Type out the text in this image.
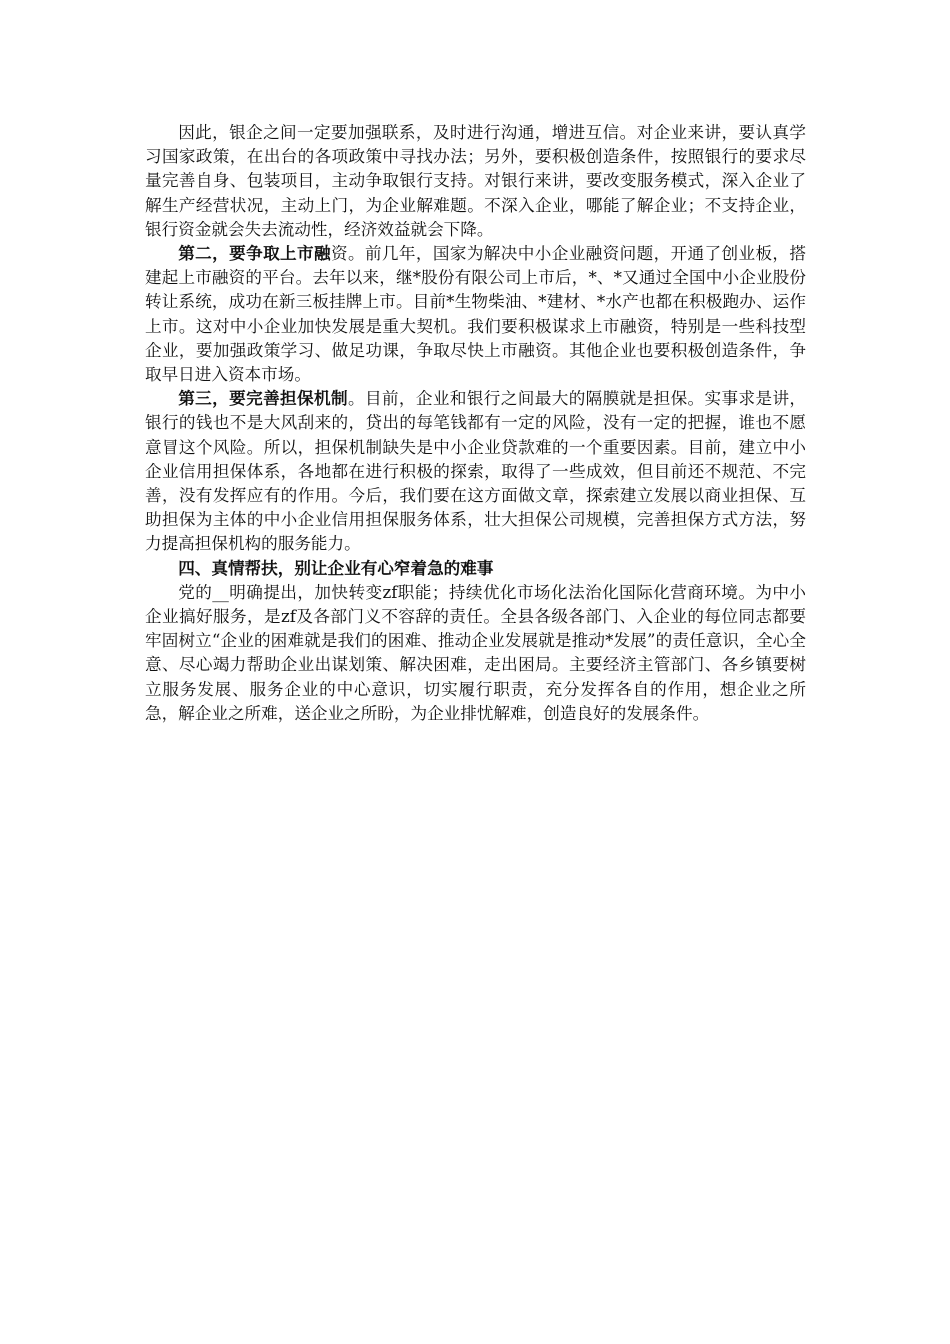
因此，银企之间一定要加强联系，及时进行沟通，增进互信。对企业来讲，要认真学习国家政策，在出台的各项政策中寻找办法；另外，要积极创造条件，按照银行的要求尽量完善自身、包装项目，主动争取银行支持。对银行来讲，要改变服务模式，深入企业了解生产经营状况，主动上门，为企业解难题。不深入企业，哪能了解企业；不支持企业，银行资金就会失去流动性，经济效益就会下降。

第二，要争取上市融资。前几年，国家为解决中小企业融资问题，开通了创业板，搭建起上市融资的平台。去年以来，继*股份有限公司上市后，*、*又通过全国中小企业股份转让系统，成功在新三板挂牌上市。目前*生物柴油、*建材、*水产也都在积极跑办、运作上市。这对中小企业加快发展是重大契机。我们要积极谋求上市融资，特别是一些科技型企业，要加强政策学习、做足功课，争取尽快上市融资。其他企业也要积极创造条件，争取早日进入资本市场。

第三，要完善担保机制。目前，企业和银行之间最大的隔膜就是担保。实事求是讲，银行的钱也不是大风刮来的，贷出的每笔钱都有一定的风险，没有一定的把握，谁也不愿意冒这个风险。所以，担保机制缺失是中小企业贷款难的一个重要因素。目前，建立中小企业信用担保体系，各地都在进行积极的探索，取得了一些成效，但目前还不规范、不完善，没有发挥应有的作用。今后，我们要在这方面做文章，探索建立发展以商业担保、互助担保为主体的中小企业信用担保服务体系，壮大担保公司规模，完善担保方式方法，努力提高担保机构的服务能力。

四、真情帮扶，别让企业有心窄着急的难事

党的__明确提出，加快转变zf职能；持续优化市场化法治化国际化营商环境。为中小企业搞好服务，是zf及各部门义不容辞的责任。全县各级各部门、入企业的每位同志都要牢固树立“企业的困难就是我们的困难、推动企业发展就是推动*发展”的责任意识，全心全意、尽心竭力帮助企业出谋划策、解决困难，走出困局。主要经济主管部门、各乡镇要树立服务发展、服务企业的中心意识，切实履行职责，充分发挥各自的作用，想企业之所急，解企业之所难，送企业之所盼，为企业排忧解难，创造良好的发展条件。
